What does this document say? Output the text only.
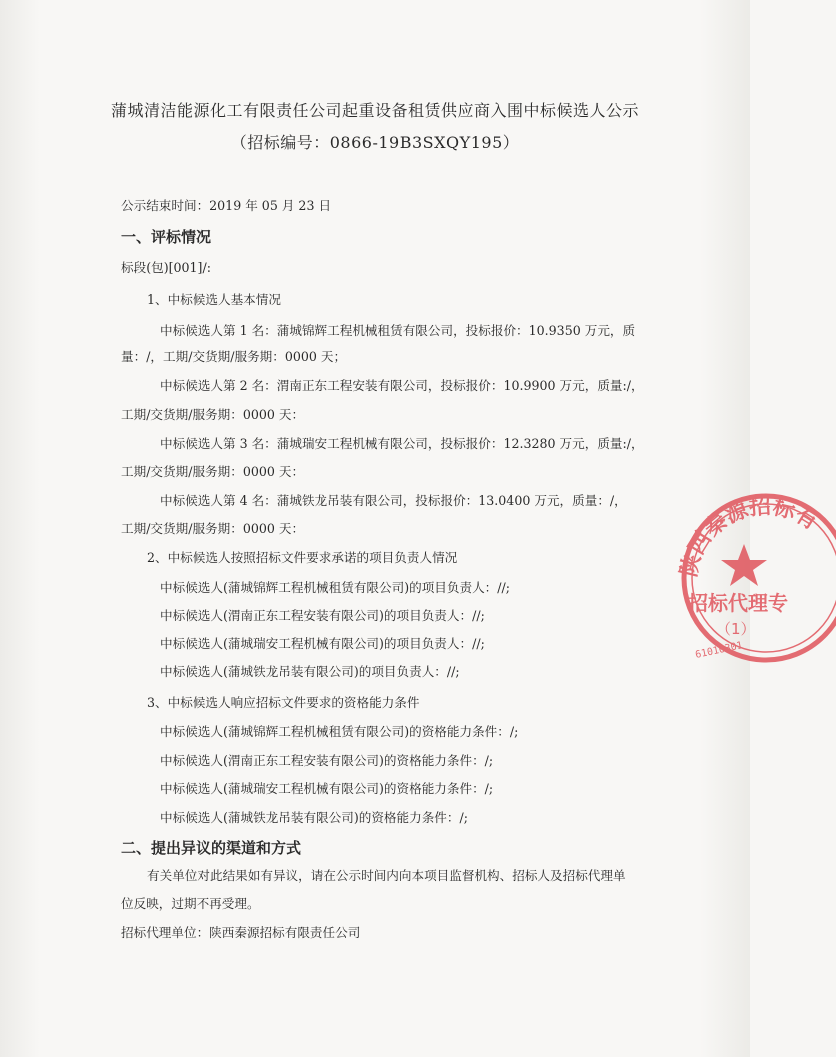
蒲城清洁能源化工有限责任公司起重设备租赁供应商入围中标候选人公示
（招标编号：0866-19B3SXQY195）
公示结束时间：2019 年 05 月 23 日
一、评标情况
标段(包)[001]/:
1、中标候选人基本情况
中标候选人第 1 名：蒲城锦辉工程机械租赁有限公司，投标报价：10.9350 万元，质
量：/，工期/交货期/服务期：0000 天；
中标候选人第 2 名：渭南正东工程安装有限公司，投标报价：10.9900 万元，质量:/，
工期/交货期/服务期：0000 天：
中标候选人第 3 名：蒲城瑞安工程机械有限公司，投标报价：12.3280 万元，质量:/，
工期/交货期/服务期：0000 天：
中标候选人第 4 名：蒲城铁龙吊装有限公司，投标报价：13.0400 万元，质量：/，
工期/交货期/服务期：0000 天：
2、中标候选人按照招标文件要求承诺的项目负责人情况
中标候选人(蒲城锦辉工程机械租赁有限公司)的项目负责人：//;
中标候选人(渭南正东工程安装有限公司)的项目负责人：//;
中标候选人(蒲城瑞安工程机械有限公司)的项目负责人：//;
中标候选人(蒲城铁龙吊装有限公司)的项目负责人：//;
3、中标候选人响应招标文件要求的资格能力条件
中标候选人(蒲城锦辉工程机械租赁有限公司)的资格能力条件：/;
中标候选人(渭南正东工程安装有限公司)的资格能力条件：/;
中标候选人(蒲城瑞安工程机械有限公司)的资格能力条件：/;
中标候选人(蒲城铁龙吊装有限公司)的资格能力条件：/;
二、提出异议的渠道和方式
有关单位对此结果如有异议，请在公示时间内向本项目监督机构、招标人及招标代理单
位反映，过期不再受理。
招标代理单位：陕西秦源招标有限责任公司
陕西秦源招标有
招标代理专
（1）
61010301
